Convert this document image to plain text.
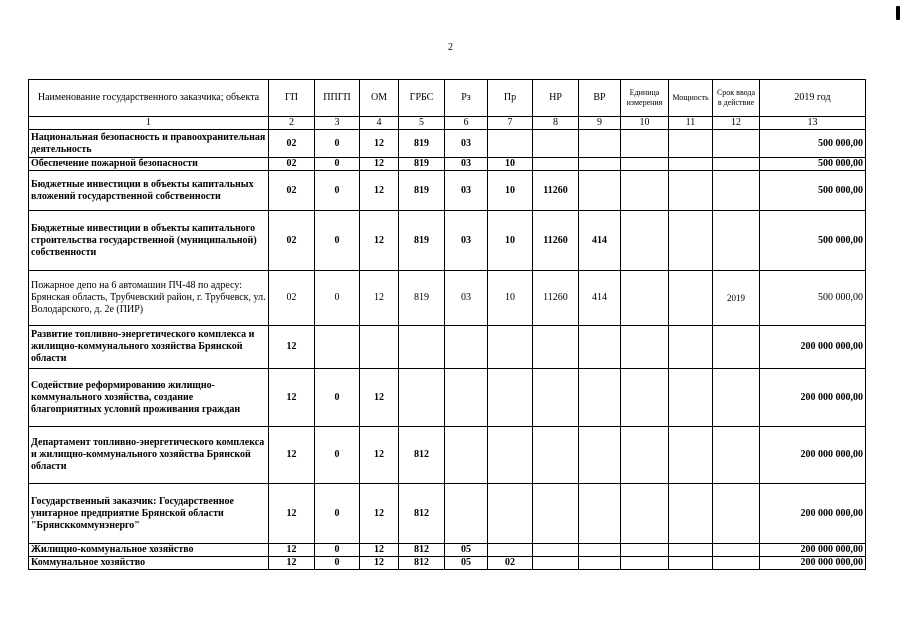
2
Наименование государственного заказчика; объекта	ГП	ППГП	ОМ	ГРБС	Рз	Пр	НР	ВР	Единица измерения	Мощность	Срок ввода в действие	2019 год
1	2	3	4	5	6	7	8	9	10	11	12	13
Национальная безопасность и правоохранительная деятельность	02	0	12	819	03							500 000,00
Обеспечение пожарной безопасности	02	0	12	819	03	10						500 000,00
Бюджетные инвестиции в объекты капитальных вложений государственной собственности	02	0	12	819	03	10	11260					500 000,00
Бюджетные инвестиции в объекты капитального строительства государственной (муниципальной) собственности	02	0	12	819	03	10	11260	414				500 000,00
Пожарное депо на 6 автомашин ПЧ-48 по адресу: Брянская область, Трубчевский район, г. Трубчевск, ул. Володарского, д. 2е (ПИР)	02	0	12	819	03	10	11260	414			2019	500 000,00
Развитие топливно-энергетического комплекса и жилищно-коммунального хозяйства Брянской области	12											200 000 000,00
Содействие реформированию жилищно-коммунального хозяйства, создание благоприятных условий проживания граждан	12	0	12									200 000 000,00
Департамент топливно-энергетического комплекса и жилищно-коммунального хозяйства Брянской области	12	0	12	812								200 000 000,00
Государственный заказчик: Государственное унитарное предприятие Брянской области "Брянсккоммунэнерго"	12	0	12	812								200 000 000,00
Жилищно-коммунальное хозяйство	12	0	12	812	05							200 000 000,00
Коммунальное хозяйство	12	0	12	812	05	02						200 000 000,00
